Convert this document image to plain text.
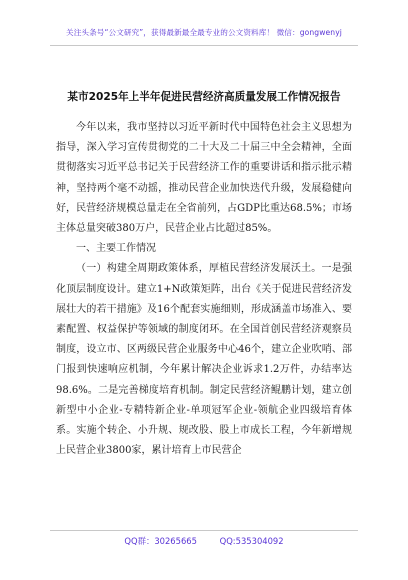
关注头条号“公文研究”，获得最新最全最专业的公文资料库！ 微信：gongwenyj
某市2025年上半年促进民营经济高质量发展工作情况报告

今年以来，我市坚持以习近平新时代中国特色社会主义思想为指导，深入学习宣传贯彻党的二十大及二十届三中全会精神，全面贯彻落实习近平总书记关于民营经济工作的重要讲话和指示批示精神，坚持两个毫不动摇，推动民营企业加快迭代升级，发展稳健向好，民营经济规模总量走在全省前列，占GDP比重达68.5%；市场主体总量突破380万户，民营企业占比超过85%。

一、主要工作情况

（一）构建全周期政策体系，厚植民营经济发展沃土。一是强化顶层制度设计。建立1+N政策矩阵，出台《关于促进民营经济发展壮大的若干措施》及16个配套实施细则，形成涵盖市场准入、要素配置、权益保护等领域的制度闭环。在全国首创民营经济观察员制度，设立市、区两级民营企业服务中心46个，建立企业吹哨、部门报到快速响应机制，今年累计解决企业诉求1.2万件，办结率达98.6%。二是完善梯度培育机制。制定民营经济鲲鹏计划，建立创新型中小企业-专精特新企业-单项冠军企业-领航企业四级培育体系。实施个转企、小升规、规改股、股上市成长工程，今年新增规上民营企业3800家，累计培育上市民营企

QQ群：30265665	QQ:535304092
